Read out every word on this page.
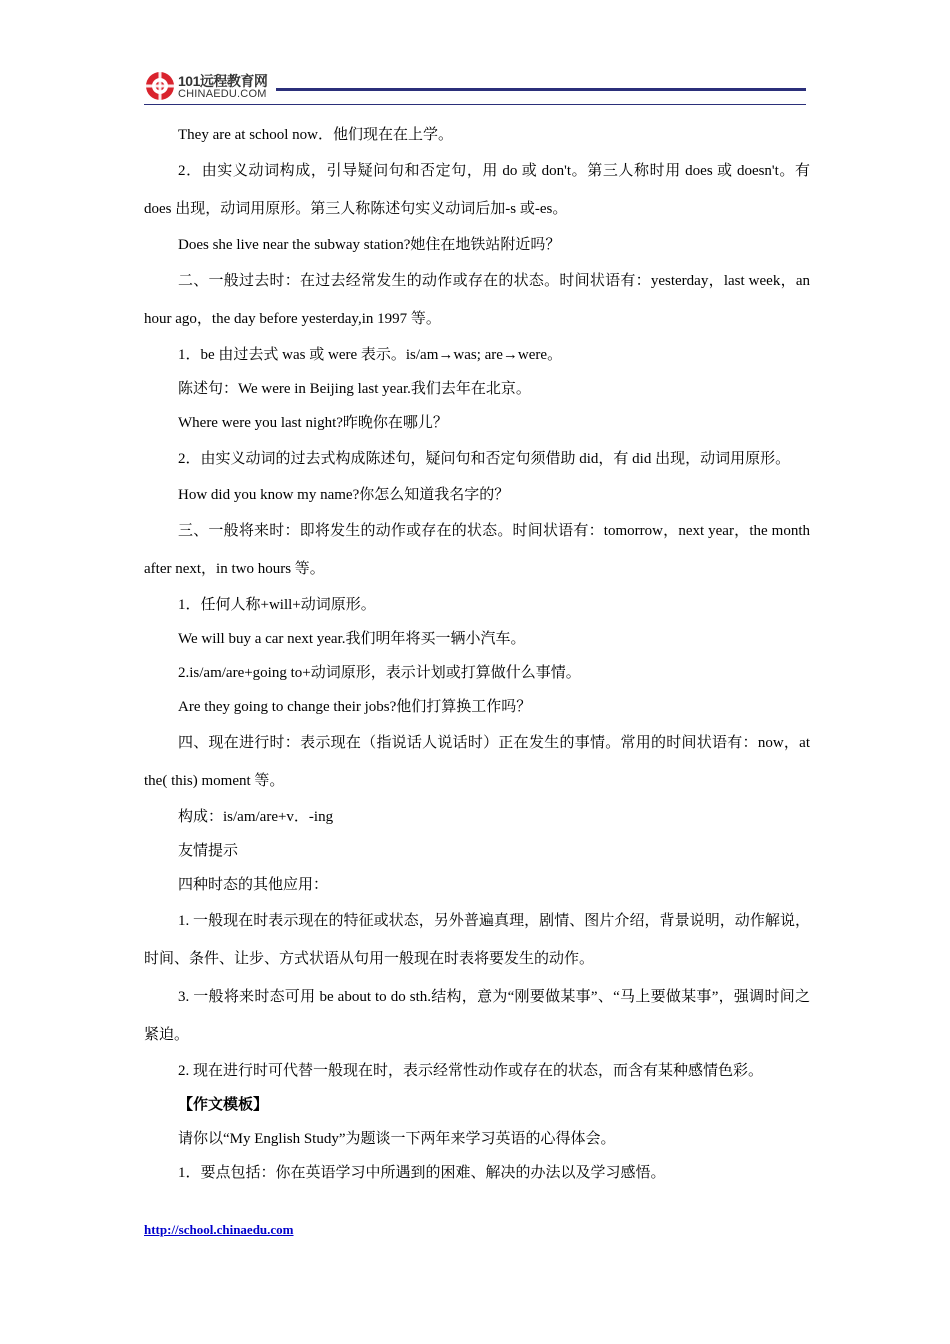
101远程教育网
CHINAEDU.COM

They are at school now．他们现在在上学。

2．由实义动词构成，引导疑问句和否定句，用 do 或 don't。第三人称时用 does 或 doesn't。有 does 出现，动词用原形。第三人称陈述句实义动词后加-s 或-es。

Does she live near the subway station?她住在地铁站附近吗？

二、一般过去时：在过去经常发生的动作或存在的状态。时间状语有：yesterday，last week，an hour ago，the day before yesterday,in 1997 等。

1．be 由过去式 was 或 were 表示。is/am→was; are→were。

陈述句：We were in Beijing last year.我们去年在北京。

Where were you last night?昨晚你在哪儿？

2．由实义动词的过去式构成陈述句，疑问句和否定句须借助 did，有 did 出现，动词用原形。

How did you know my name?你怎么知道我名字的？

三、一般将来时：即将发生的动作或存在的状态。时间状语有：tomorrow，next year，the month after next，in two hours 等。

1．任何人称+will+动词原形。

We will buy a car next year.我们明年将买一辆小汽车。

2.is/am/are+going to+动词原形，表示计划或打算做什么事情。

Are they going to change their jobs?他们打算换工作吗？

四、现在进行时：表示现在（指说话人说话时）正在发生的事情。常用的时间状语有：now，at  the( this) moment 等。

构成：is/am/are+v．-ing

友情提示

四种时态的其他应用：

1. 一般现在时表示现在的特征或状态，另外普遍真理，剧情、图片介绍，背景说明，动作解说，时间、条件、让步、方式状语从句用一般现在时表将要发生的动作。

3. 一般将来时态可用 be about to do sth.结构，意为“刚要做某事”、“马上要做某事”，强调时间之紧迫。

2. 现在进行时可代替一般现在时，表示经常性动作或存在的状态，而含有某种感情色彩。

【作文模板】

请你以“My English Study”为题谈一下两年来学习英语的心得体会。

1．要点包括：你在英语学习中所遇到的困难、解决的办法以及学习感悟。

http://school.chinaedu.com
